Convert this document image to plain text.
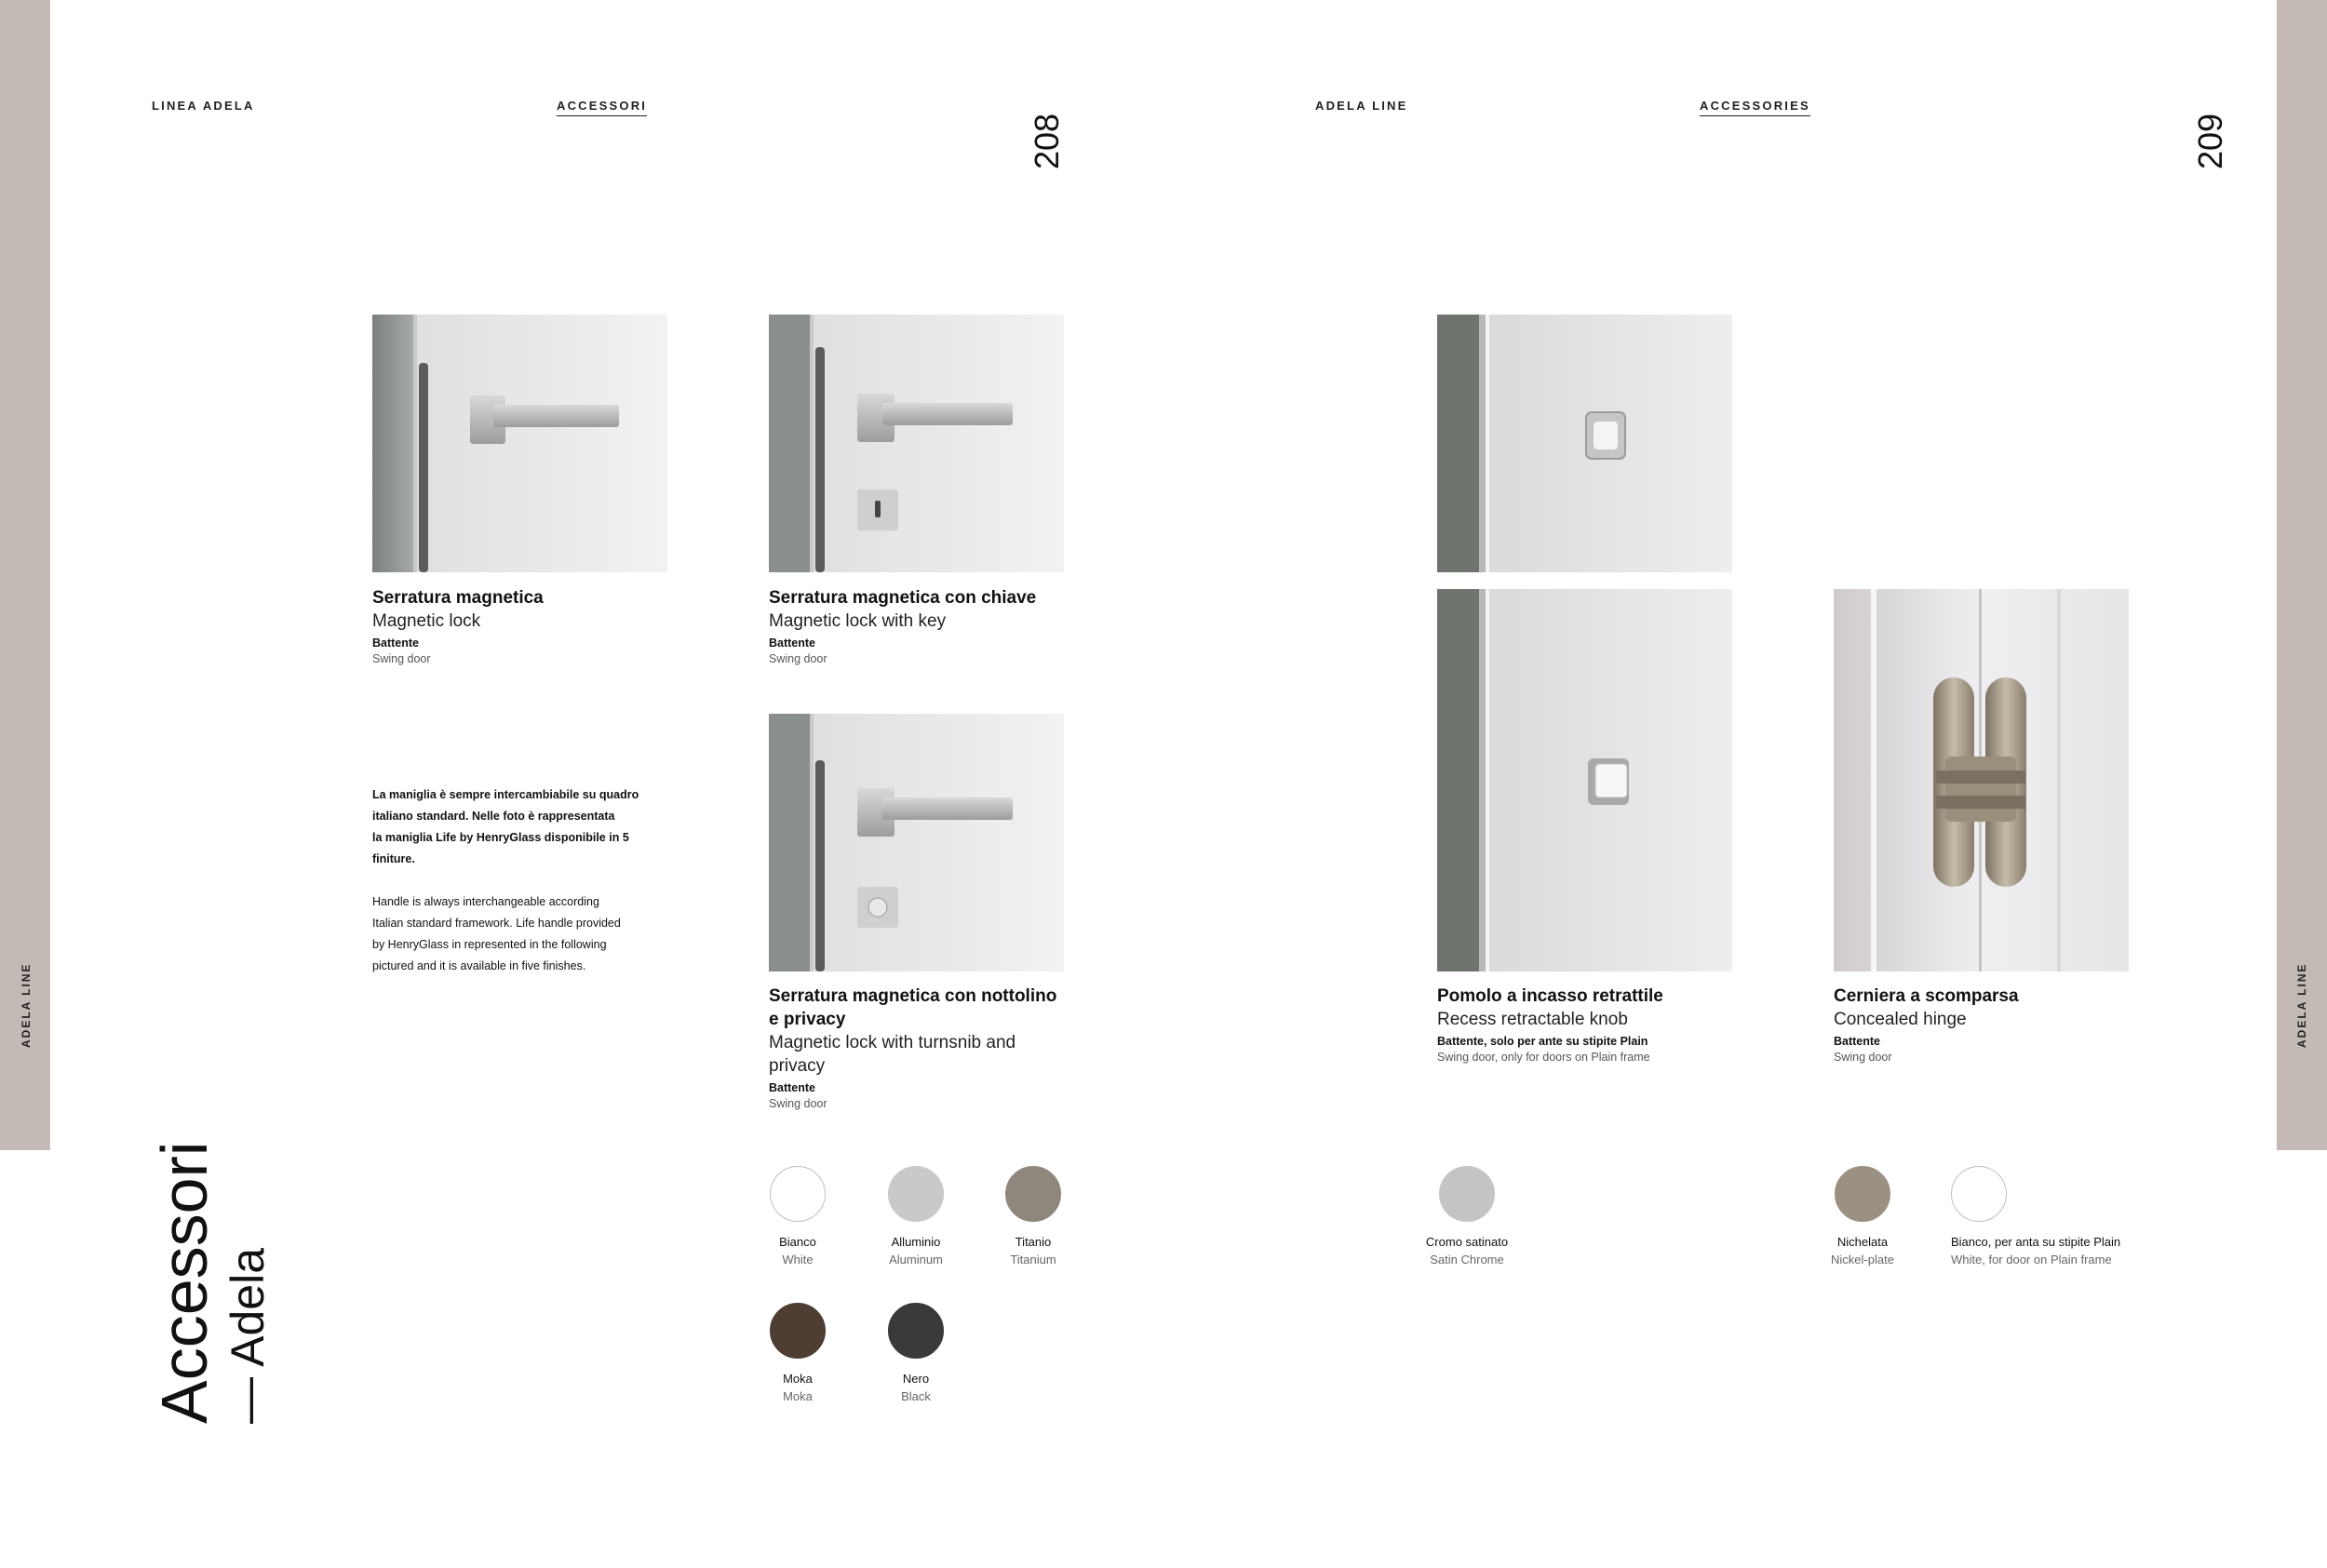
ADELA LINE	ADELA LINE
LINEA ADELA	ACCESSORI
208
ADELA LINE	ACCESSORIES
209
Accessori — Adela
Serratura magnetica
Magnetic lock
Battente
Swing door
Serratura magnetica con chiave
Magnetic lock with key
Battente
Swing door
Serratura magnetica con nottolino
e privacy
Magnetic lock with turnsnib and
privacy
Battente
Swing door
La maniglia è sempre intercambiabile su quadro
italiano standard. Nelle foto è rappresentata
la maniglia Life by HenryGlass disponibile in 5
finiture.
Handle is always interchangeable according
Italian standard framework. Life handle provided
by HenryGlass in represented in the following
pictured and it is available in five finishes.
Pomolo a incasso retrattile
Recess retractable knob
Battente, solo per ante su stipite Plain
Swing door, only for doors on Plain frame
Cerniera a scomparsa
Concealed hinge
Battente
Swing door
Bianco
White
Alluminio
Aluminum
Titanio
Titanium
Moka
Moka
Nero
Black
Cromo satinato
Satin Chrome
Nichelata
Nickel-plate
Bianco, per anta su stipite Plain
White, for door on Plain frame
